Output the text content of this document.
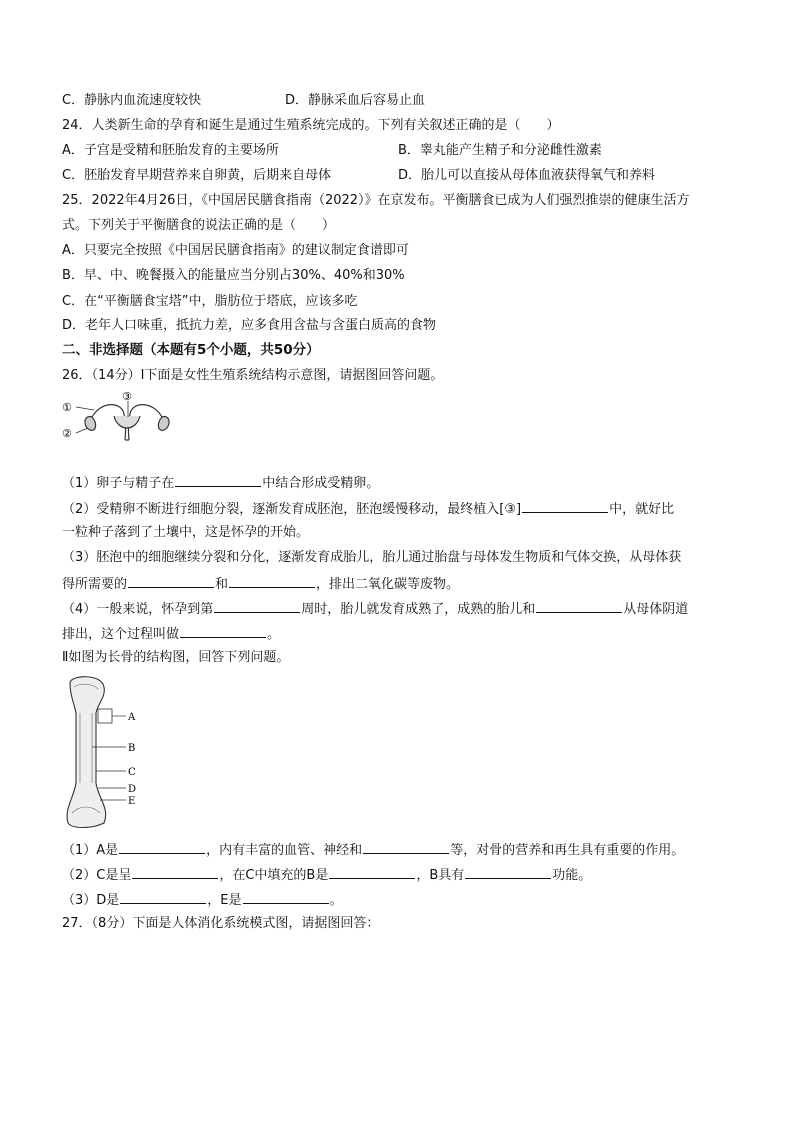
C．静脉内血流速度较快	D．静脉采血后容易止血
24．人类新生命的孕育和诞生是通过生殖系统完成的。下列有关叙述正确的是（　　）
A．子宫是受精和胚胎发育的主要场所	B．睾丸能产生精子和分泌雌性激素
C．胚胎发育早期营养来自卵黄，后期来自母体	D．胎儿可以直接从母体血液获得氧气和养料
25．2022年4月26日，《中国居民膳食指南（2022）》在京发布。平衡膳食已成为人们强烈推崇的健康生活方
式。下列关于平衡膳食的说法正确的是（　　）
A．只要完全按照《中国居民膳食指南》的建议制定食谱即可
B．早、中、晚餐摄入的能量应当分别占30%、40%和30%
C．在“平衡膳食宝塔”中，脂肪位于塔底，应该多吃
D．老年人口味重，抵抗力差，应多食用含盐与含蛋白质高的食物
二、非选择题（本题有5个小题，共50分）
26．（14分）I下面是女性生殖系统结构示意图，请据图回答问题。
①
②
③
（1）卵子与精子在	中结合形成受精卵。
（2）受精卵不断进行细胞分裂，逐渐发育成胚泡，胚泡缓慢移动，最终植入[③]	中，就好比
一粒种子落到了土壤中，这是怀孕的开始。
（3）胚泡中的细胞继续分裂和分化，逐渐发育成胎儿，胎儿通过胎盘与母体发生物质和气体交换，从母体获
得所需要的	和	，排出二氧化碳等废物。
（4）一般来说，怀孕到第	周时，胎儿就发育成熟了，成熟的胎儿和	从母体阴道
排出，这个过程叫做	。
Ⅱ如图为长骨的结构图，回答下列问题。
A
B
C
D
E
（1）A是	，内有丰富的血管、神经和	等，对骨的营养和再生具有重要的作用。
（2）C是呈	，在C中填充的B是	，B具有	功能。
（3）D是	，E是	。
27．（8分）下面是人体消化系统模式图，请据图回答：
